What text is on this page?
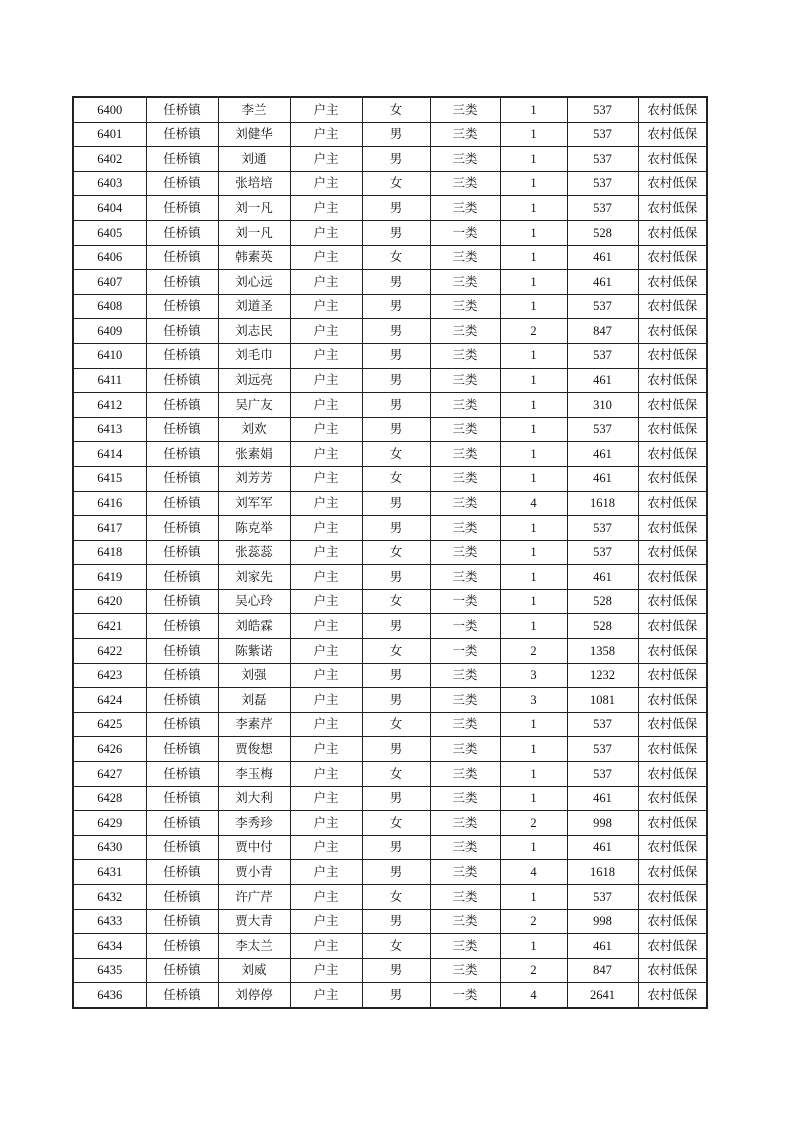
6400	任桥镇	李兰	户主	女	三类	1	537	农村低保
6401	任桥镇	刘健华	户主	男	三类	1	537	农村低保
6402	任桥镇	刘通	户主	男	三类	1	537	农村低保
6403	任桥镇	张培培	户主	女	三类	1	537	农村低保
6404	任桥镇	刘一凡	户主	男	三类	1	537	农村低保
6405	任桥镇	刘一凡	户主	男	一类	1	528	农村低保
6406	任桥镇	韩素英	户主	女	三类	1	461	农村低保
6407	任桥镇	刘心远	户主	男	三类	1	461	农村低保
6408	任桥镇	刘道圣	户主	男	三类	1	537	农村低保
6409	任桥镇	刘志民	户主	男	三类	2	847	农村低保
6410	任桥镇	刘毛巾	户主	男	三类	1	537	农村低保
6411	任桥镇	刘远亮	户主	男	三类	1	461	农村低保
6412	任桥镇	吴广友	户主	男	三类	1	310	农村低保
6413	任桥镇	刘欢	户主	男	三类	1	537	农村低保
6414	任桥镇	张素娟	户主	女	三类	1	461	农村低保
6415	任桥镇	刘芳芳	户主	女	三类	1	461	农村低保
6416	任桥镇	刘军军	户主	男	三类	4	1618	农村低保
6417	任桥镇	陈克举	户主	男	三类	1	537	农村低保
6418	任桥镇	张蕊蕊	户主	女	三类	1	537	农村低保
6419	任桥镇	刘家先	户主	男	三类	1	461	农村低保
6420	任桥镇	吴心玲	户主	女	一类	1	528	农村低保
6421	任桥镇	刘皓霖	户主	男	一类	1	528	农村低保
6422	任桥镇	陈紫诺	户主	女	一类	2	1358	农村低保
6423	任桥镇	刘强	户主	男	三类	3	1232	农村低保
6424	任桥镇	刘磊	户主	男	三类	3	1081	农村低保
6425	任桥镇	李素芹	户主	女	三类	1	537	农村低保
6426	任桥镇	贾俊想	户主	男	三类	1	537	农村低保
6427	任桥镇	李玉梅	户主	女	三类	1	537	农村低保
6428	任桥镇	刘大利	户主	男	三类	1	461	农村低保
6429	任桥镇	李秀珍	户主	女	三类	2	998	农村低保
6430	任桥镇	贾中付	户主	男	三类	1	461	农村低保
6431	任桥镇	贾小青	户主	男	三类	4	1618	农村低保
6432	任桥镇	许广芹	户主	女	三类	1	537	农村低保
6433	任桥镇	贾大青	户主	男	三类	2	998	农村低保
6434	任桥镇	李太兰	户主	女	三类	1	461	农村低保
6435	任桥镇	刘威	户主	男	三类	2	847	农村低保
6436	任桥镇	刘停停	户主	男	一类	4	2641	农村低保
